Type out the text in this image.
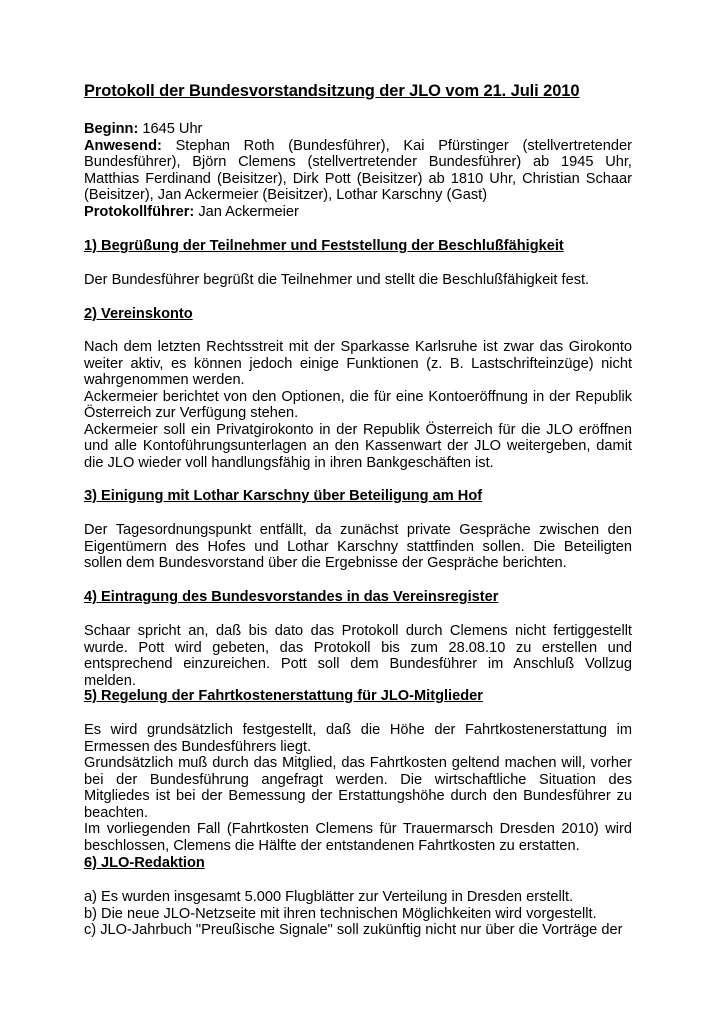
Protokoll der Bundesvorstandsitzung der JLO vom 21. Juli 2010
Beginn: 1645 Uhr
Anwesend: Stephan Roth (Bundesführer), Kai Pfürstinger (stellvertretender Bundesführer), Björn Clemens (stellvertretender Bundesführer) ab 1945 Uhr, Matthias Ferdinand (Beisitzer), Dirk Pott (Beisitzer) ab 1810 Uhr, Christian Schaar (Beisitzer), Jan Ackermeier (Beisitzer), Lothar Karschny (Gast)
Protokollführer: Jan Ackermeier
1) Begrüßung der Teilnehmer und Feststellung der Beschlußfähigkeit

Der Bundesführer begrüßt die Teilnehmer und stellt die Beschlußfähigkeit fest.

2) Vereinskonto

Nach dem letzten Rechtsstreit mit der Sparkasse Karlsruhe ist zwar das Girokonto weiter aktiv, es können jedoch einige Funktionen (z. B. Lastschrifteinzüge) nicht wahrgenommen werden.

Ackermeier berichtet von den Optionen, die für eine Kontoeröffnung in der Republik Österreich zur Verfügung stehen.

Ackermeier soll ein Privatgirokonto in der Republik Österreich für die JLO eröffnen und alle Kontoführungsunterlagen an den Kassenwart der JLO weitergeben, damit die JLO wieder voll handlungsfähig in ihren Bankgeschäften ist.

3) Einigung mit Lothar Karschny über Beteiligung am Hof

Der Tagesordnungspunkt entfällt, da zunächst private Gespräche zwischen den Eigentümern des Hofes und Lothar Karschny stattfinden sollen. Die Beteiligten sollen dem Bundesvorstand über die Ergebnisse der Gespräche berichten.

4) Eintragung des Bundesvorstandes in das Vereinsregister

Schaar spricht an, daß bis dato das Protokoll durch Clemens nicht fertiggestellt wurde. Pott wird gebeten, das Protokoll bis zum 28.08.10 zu erstellen und entsprechend einzureichen. Pott soll dem Bundesführer im Anschluß Vollzug melden.

5) Regelung der Fahrtkostenerstattung für JLO-Mitglieder

Es wird grundsätzlich festgestellt, daß die Höhe der Fahrtkostenerstattung im Ermessen des Bundesführers liegt.

Grundsätzlich muß durch das Mitglied, das Fahrtkosten geltend machen will, vorher bei der Bundesführung angefragt werden. Die wirtschaftliche Situation des Mitgliedes ist bei der Bemessung der Erstattungshöhe durch den Bundesführer zu beachten.

Im vorliegenden Fall (Fahrtkosten Clemens für Trauermarsch Dresden 2010) wird beschlossen, Clemens die Hälfte der entstandenen Fahrtkosten zu erstatten.

6) JLO-Redaktion
a) Es wurden insgesamt 5.000 Flugblätter zur Verteilung in Dresden erstellt.
b) Die neue JLO-Netzseite mit ihren technischen Möglichkeiten wird vorgestellt.
c) JLO-Jahrbuch "Preußische Signale" soll zukünftig nicht nur über die Vorträge der
